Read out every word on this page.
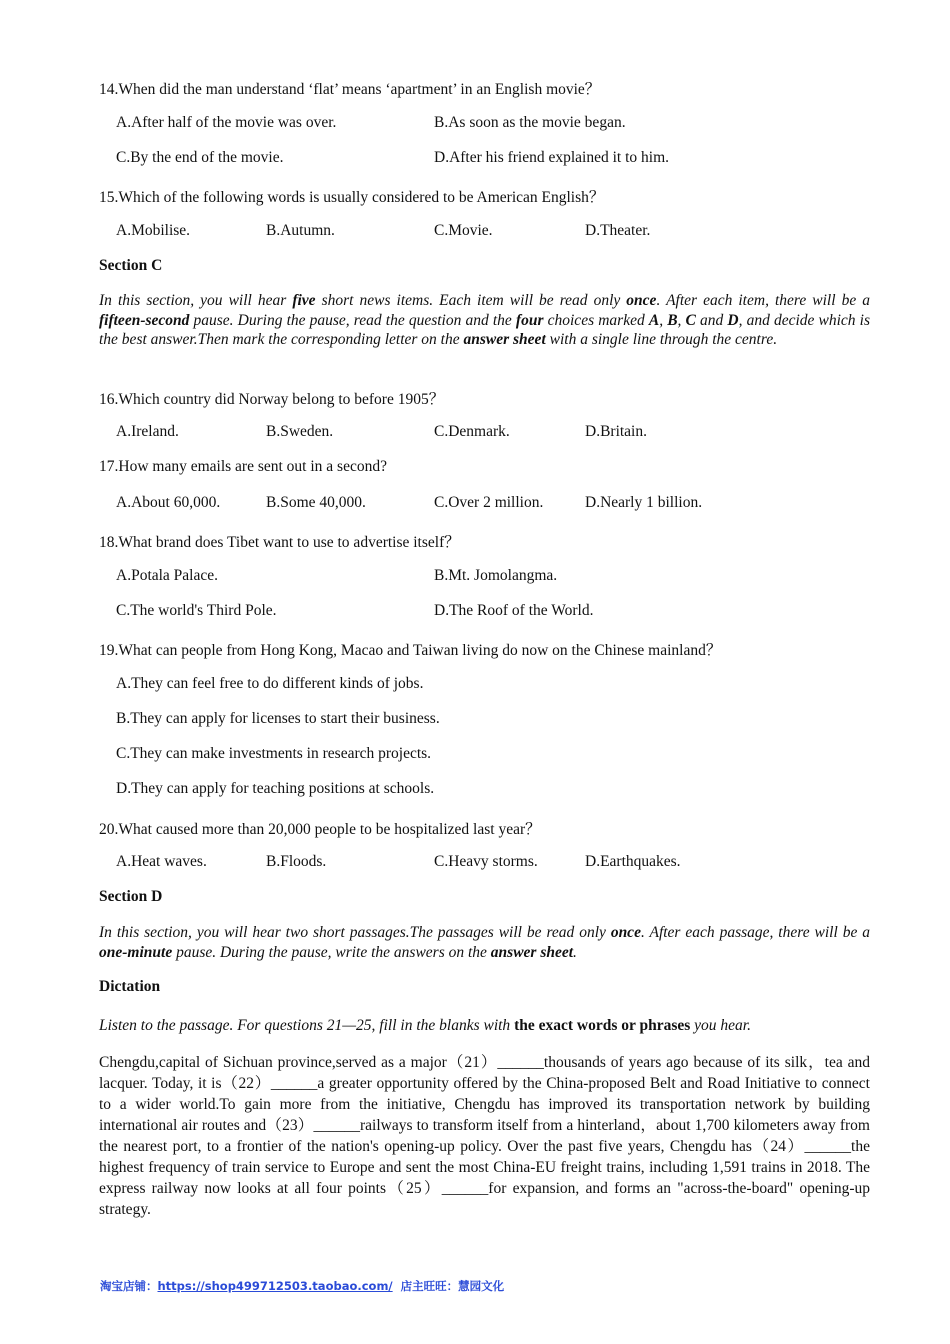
14.When did the man understand ‘flat’ means ‘apartment’ in an English movie？
A.After half of the movie was over.	B.As soon as the movie began.
C.By the end of the movie.	D.After his friend explained it to him.
15.Which of the following words is usually considered to be American English？
A.Mobilise.	B.Autumn.	C.Movie.	D.Theater.
Section C
In this section, you will hear five short news items. Each item will be read only once. After each item, there will be a fifteen-second pause. During the pause, read the question and the four choices marked A, B, C and D, and decide which is the best answer.Then mark the corresponding letter on the answer sheet with a single line through the centre.
16.Which country did Norway belong to before 1905？
A.Ireland.	B.Sweden.	C.Denmark.	D.Britain.
17.How many emails are sent out in a second?
A.About 60,000.	B.Some 40,000.	C.Over 2 million.	D.Nearly 1 billion.
18.What brand does Tibet want to use to advertise itself？
A.Potala Palace.	B.Mt. Jomolangma.
C.The world's Third Pole.	D.The Roof of the World.
19.What can people from Hong Kong, Macao and Taiwan living do now on the Chinese mainland？
A.They can feel free to do different kinds of jobs.
B.They can apply for licenses to start their business.
C.They can make investments in research projects.
D.They can apply for teaching positions at schools.
20.What caused more than 20,000 people to be hospitalized last year？
A.Heat waves.	B.Floods.	C.Heavy storms.	D.Earthquakes.
Section D
In this section, you will hear two short passages.The passages will be read only once. After each passage, there will be a one-minute pause. During the pause, write the answers on the answer sheet.
Dictation
Listen to the passage. For questions 21—25, fill in the blanks with the exact words or phrases you hear.
Chengdu,capital of Sichuan province,served as a major（21）______thousands of years ago because of its silk，tea and lacquer. Today, it is（22）______a greater opportunity offered by the China-proposed Belt and Road Initiative to connect to a wider world.To gain more from the initiative, Chengdu has improved its transportation network by building international air routes and（23）______railways to transform itself from a hinterland，about 1,700 kilometers away from the nearest port, to a frontier of the nation's opening-up policy. Over the past five years, Chengdu has（24）______the highest frequency of train service to Europe and sent the most China-EU freight trains, including 1,591 trains in 2018. The express railway now looks at all four points（25）______for expansion, and forms an "across-the-board" opening-up strategy.
淘宝店铺：https://shop499712503.taobao.com/ 店主旺旺：慧园文化
